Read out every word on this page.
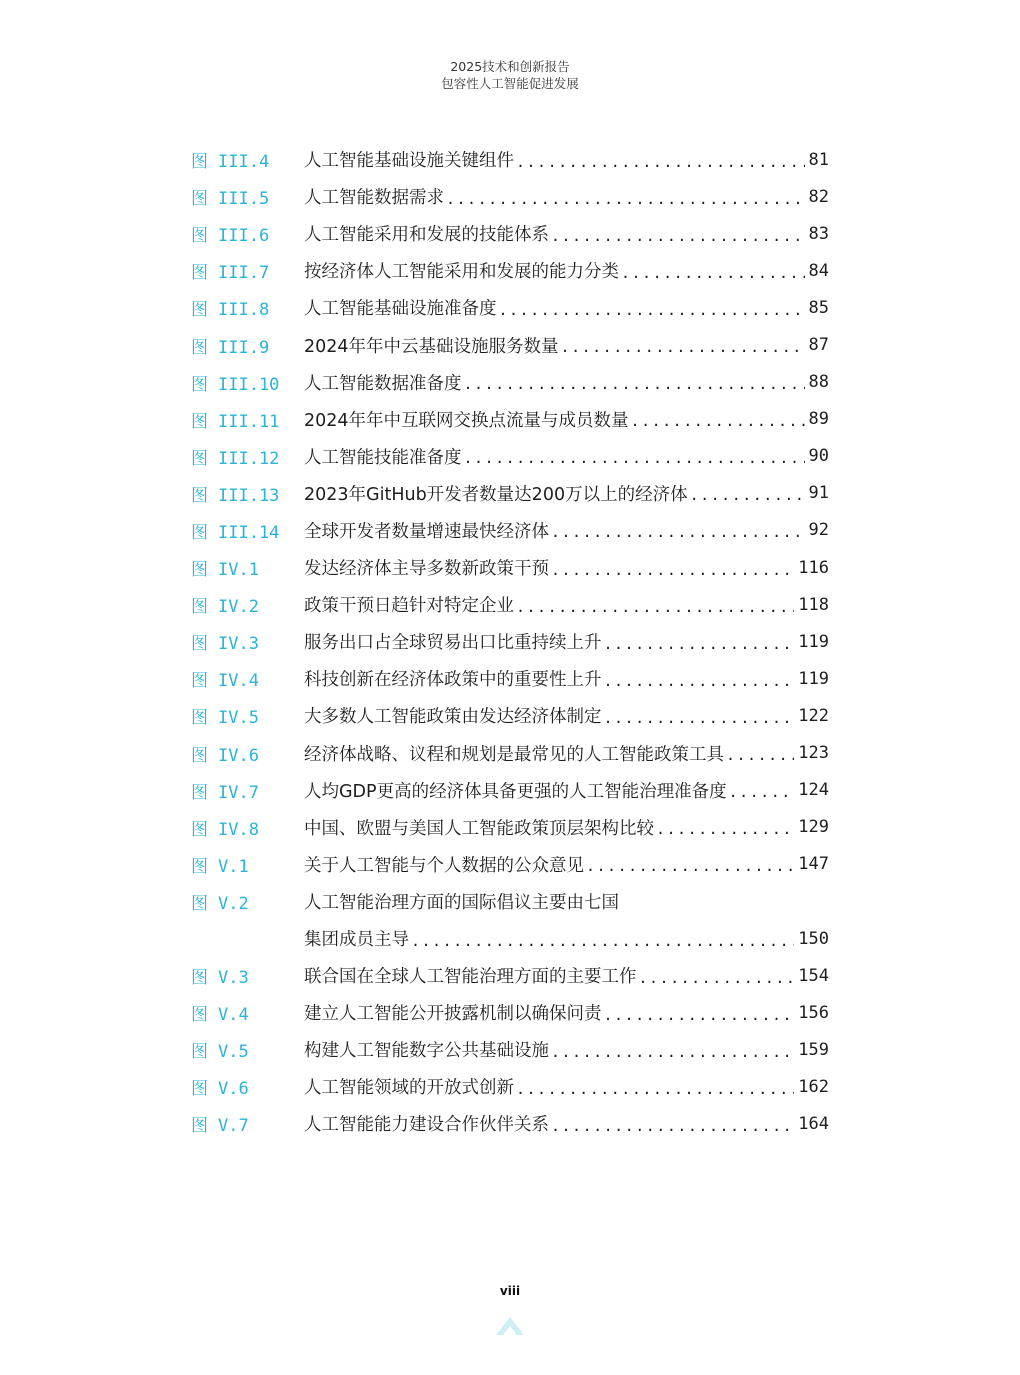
2025技术和创新报告
包容性人工智能促进发展
图 III.4	人工智能基础设施关键组件 .....	81
图 III.5	人工智能数据需求 .....	82
图 III.6	人工智能采用和发展的技能体系 .....	83
图 III.7	按经济体人工智能采用和发展的能力分类 .....	84
图 III.8	人工智能基础设施准备度 .....	85
图 III.9	2024年年中云基础设施服务数量 .....	87
图 III.10	人工智能数据准备度 .....	88
图 III.11	2024年年中互联网交换点流量与成员数量 .....	89
图 III.12	人工智能技能准备度 .....	90
图 III.13	2023年GitHub开发者数量达200万以上的经济体 .....	91
图 III.14	全球开发者数量增速最快经济体 .....	92
图 IV.1	发达经济体主导多数新政策干预 .....	116
图 IV.2	政策干预日趋针对特定企业 .....	118
图 IV.3	服务出口占全球贸易出口比重持续上升 .....	119
图 IV.4	科技创新在经济体政策中的重要性上升 .....	119
图 IV.5	大多数人工智能政策由发达经济体制定 .....	122
图 IV.6	经济体战略、议程和规划是最常见的人工智能政策工具 .....	123
图 IV.7	人均GDP更高的经济体具备更强的人工智能治理准备度 .....	124
图 IV.8	中国、欧盟与美国人工智能政策顶层架构比较 .....	129
图 V.1	关于人工智能与个人数据的公众意见 .....	147
图 V.2	人工智能治理方面的国际倡议主要由七国
集团成员主导 .....	150
图 V.3	联合国在全球人工智能治理方面的主要工作 .....	154
图 V.4	建立人工智能公开披露机制以确保问责 .....	156
图 V.5	构建人工智能数字公共基础设施 .....	159
图 V.6	人工智能领域的开放式创新 .....	162
图 V.7	人工智能能力建设合作伙伴关系 .....	164
viii
